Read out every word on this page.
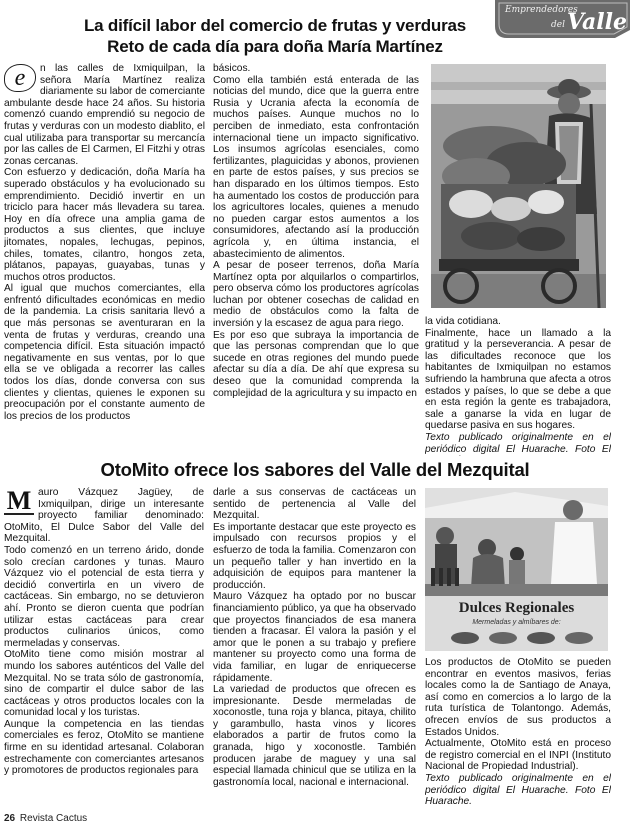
Emprendedores
del Valle
La difícil labor del comercio de frutas y verduras
Reto de cada día para doña María Martínez
e	n las calles de Ixmiquilpan, la señora María Martínez realiza diariamente su labor de comerciante ambulante desde hace 24 años. Su historia comenzó cuando emprendió su negocio de frutas y verduras con un modesto diablito, el cual utilizaba para transportar su mercancía por las calles de El Carmen, El Fitzhi y otras zonas cercanas.

Con esfuerzo y dedicación, doña María ha superado obstáculos y ha evolucionado su emprendimiento. Decidió invertir en un triciclo para hacer más llevadera su tarea. Hoy en día ofrece una amplia gama de productos a sus clientes, que incluye jitomates, nopales, lechugas, pepinos, chiles, tomates, cilantro, hongos zeta, plátanos, papayas, guayabas, tunas y muchos otros productos.

Al igual que muchos comerciantes, ella enfrentó dificultades económicas en medio de la pandemia. La crisis sanitaria llevó a que más personas se aventuraran en la venta de frutas y verduras, creando una competencia difícil. Esta situación impactó negativamente en sus ventas, por lo que ella se ve obligada a recorrer las calles todos los días, donde conversa con sus clientes y clientas, quienes le exponen su preocupación por el constante aumento de los precios de los productos

básicos.

Como ella también está enterada de las noticias del mundo, dice que la guerra entre Rusia y Ucrania afecta la economía de muchos países. Aunque muchos no lo perciben de inmediato, esta confrontación internacional tiene un impacto significativo. Los insumos agrícolas esenciales, como fertilizantes, plaguicidas y abonos, provienen en parte de estos países, y sus precios se han disparado en los últimos tiempos. Esto ha aumentado los costos de producción para los agricultores locales, quienes a menudo no pueden cargar estos aumentos a los consumidores, afectando así la producción agrícola y, en última instancia, el abastecimiento de alimentos.

A pesar de poseer terrenos, doña María Martínez opta por alquilarlos o compartirlos, pero observa cómo los productores agrícolas luchan por obtener cosechas de calidad en medio de obstáculos como la falta de inversión y la escasez de agua para riego.

Es por eso que subraya la importancia de que las personas comprendan que lo que sucede en otras regiones del mundo puede afectar su día a día. De ahí que expresa su deseo que la comunidad comprenda la complejidad de la agricultura y su impacto en

la vida cotidiana.

Finalmente, hace un llamado a la gratitud y la perseverancia. A pesar de las dificultades reconoce que los habitantes de Ixmiquilpan no estamos sufriendo la hambruna que afecta a otros estados y países, lo que se debe a que en esta región la gente es trabajadora, sale a ganarse la vida en lugar de quedarse pasiva en sus hogares.

Texto publicado originalmente en el periódico digital El Huarache. Foto El

OtoMito ofrece los sabores del Valle del Mezquital
M auro Vázquez Jagüey, de Ixmiquilpan, dirige un interesante proyecto familiar denominado: OtoMito, El Dulce Sabor del Valle del Mezquital.

Todo comenzó en un terreno árido, donde solo crecían cardones y tunas. Mauro Vázquez vio el potencial de esta tierra y decidió convertirla en un vivero de cactáceas. Sin embargo, no se detuvieron ahí. Pronto se dieron cuenta que podrían utilizar estas cactáceas para crear productos culinarios únicos, como mermeladas y conservas.

OtoMito tiene como misión mostrar al mundo los sabores auténticos del Valle del Mezquital. No se trata sólo de gastronomía, sino de compartir el dulce sabor de las cactáceas y otros productos locales con la comunidad local y los turistas.

Aunque la competencia en las tiendas comerciales es feroz, OtoMito se mantiene firme en su identidad artesanal. Colaboran estrechamente con comerciantes artesanos y promotores de productos regionales para

darle a sus conservas de cactáceas un sentido de pertenencia al Valle del Mezquital.

Es importante destacar que este proyecto es impulsado con recursos propios y el esfuerzo de toda la familia. Comenzaron con un pequeño taller y han invertido en la adquisición de equipos para mantener la producción.

Mauro Vázquez ha optado por no buscar financiamiento público, ya que ha observado que proyectos financiados de esa manera tienden a fracasar. Él valora la pasión y el amor que le ponen a su trabajo y prefiere mantener su proyecto como una forma de vida familiar, en lugar de enriquecerse rápidamente.

La variedad de productos que ofrecen es impresionante. Desde mermeladas de xoconostle, tuna roja y blanca, pitaya, chilito y garambullo, hasta vinos y licores elaborados a partir de frutos como la granada, higo y xoconostle. También producen jarabe de maguey y una sal especial llamada chinicul que se utiliza en la gastronomía local, nacional e internacional.

Dulces Regionales
Mermeladas y almíbares de:

Los productos de OtoMito se pueden encontrar en eventos masivos, ferias locales como la de Santiago de Anaya, así como en comercios a lo largo de la ruta turística de Tolantongo. Además, ofrecen envíos de sus productos a Estados Unidos.

Actualmente, OtoMito está en proceso de registro comercial en el INPI (Instituto Nacional de Propiedad Industrial).

Texto publicado originalmente en el periódico digital El Huarache. Foto El Huarache.

26 Revista Cactus
